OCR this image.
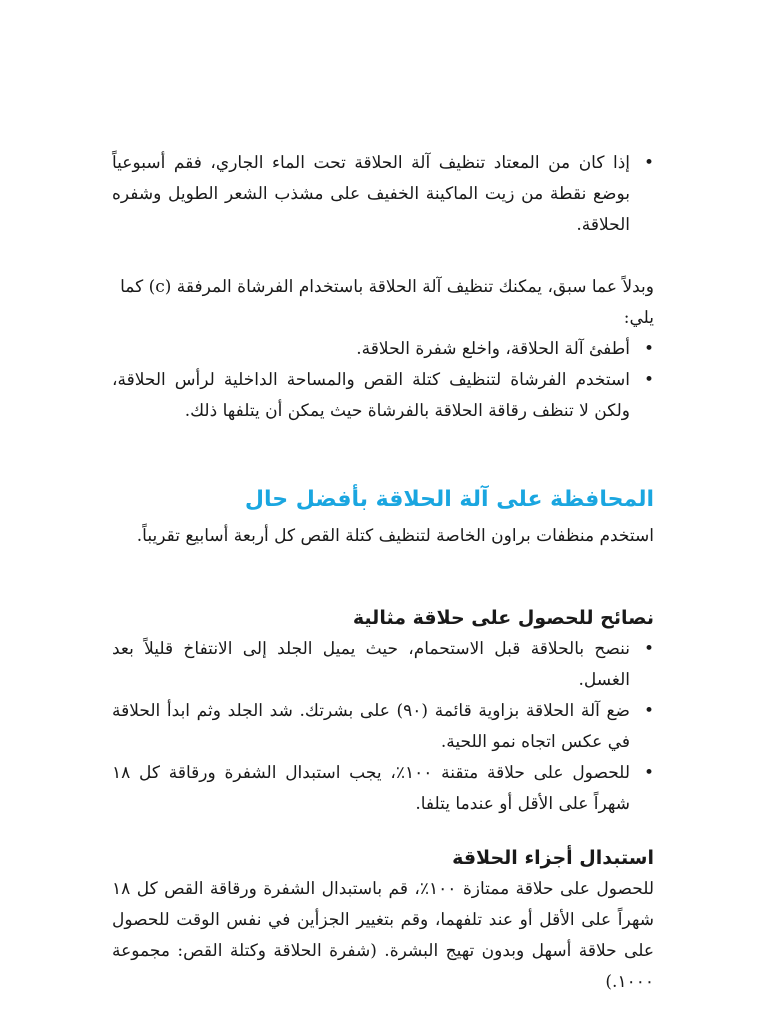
•
إذا كان من المعتاد تنظيف آلة الحلاقة تحت الماء الجاري، فقم أسبوعياً بوضع نقطة من زيت الماكينة الخفيف على مشذب الشعر الطويل وشفره الحلاقة.

وبدلاً عما سبق، يمكنك تنظيف آلة الحلاقة باستخدام الفرشاة المرفقة (c) كما يلي:

•
أطفئ آلة الحلاقة، واخلع شفرة الحلاقة.
•
استخدم الفرشاة لتنظيف كتلة القص والمساحة الداخلية لرأس الحلاقة، ولكن لا تنظف رقاقة الحلاقة بالفرشاة حيث يمكن أن يتلفها ذلك.
المحافظة على آلة الحلاقة بأفضل حال

استخدم منظفات براون الخاصة لتنظيف كتلة القص كل أربعة أسابيع تقريباً.

نصائح للحصول على حلاقة مثالية
•
ننصح بالحلاقة قبل الاستحمام، حيث يميل الجلد إلى الانتفاخ قليلاً بعد الغسل.
•
ضع آلة الحلاقة بزاوية قائمة (٩٠) على بشرتك. شد الجلد وثم ابدأ الحلاقة في عكس اتجاه نمو اللحية.
•
للحصول على حلاقة متقنة ١٠٠٪، يجب استبدال الشفرة ورقاقة كل ١٨ شهراً على الأقل أو عندما يتلفا.
استبدال أجزاء الحلاقة

للحصول على حلاقة ممتازة ١٠٠٪، قم باستبدال الشفرة ورقاقة القص كل ١٨ شهراً على الأقل أو عند تلفهما، وقم بتغيير الجزأين في نفس الوقت للحصول على حلاقة أسهل وبدون تهيج البشرة. (شفرة الحلاقة وكتلة القص: مجموعة ١٠٠٠.)
